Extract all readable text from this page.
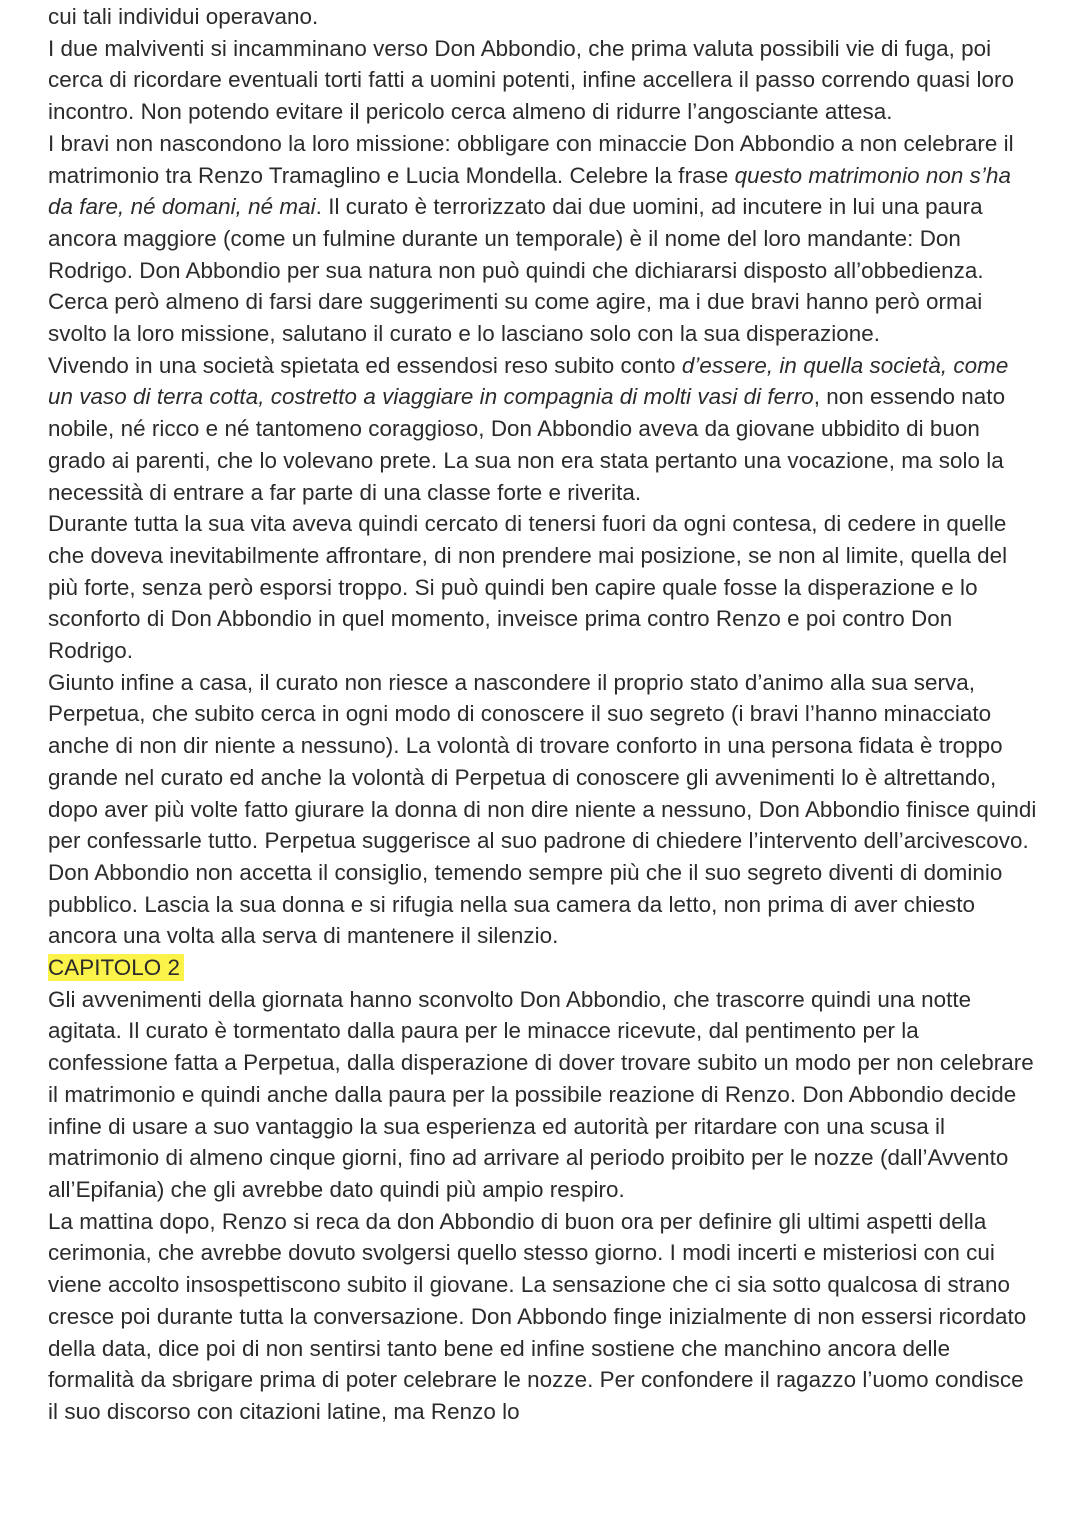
cui tali individui operavano.

I due malviventi si incamminano verso Don Abbondio, che prima valuta possibili vie di fuga, poi cerca di ricordare eventuali torti fatti a uomini potenti, infine accellera il passo correndo quasi loro incontro. Non potendo evitare il pericolo cerca almeno di ridurre l’angosciante attesa.

I bravi non nascondono la loro missione: obbligare con minaccie Don Abbondio a non celebrare il matrimonio tra Renzo Tramaglino e Lucia Mondella. Celebre la frase questo matrimonio non s’ha da fare, né domani, né mai. Il curato è terrorizzato dai due uomini, ad incutere in lui una paura ancora maggiore (come un fulmine durante un temporale) è il nome del loro mandante: Don Rodrigo. Don Abbondio per sua natura non può quindi che dichiararsi disposto all’obbedienza. Cerca però almeno di farsi dare suggerimenti su come agire, ma i due bravi hanno però ormai svolto la loro missione, salutano il curato e lo lasciano solo con la sua disperazione.

Vivendo in una società spietata ed essendosi reso subito conto d’essere, in quella società, come un vaso di terra cotta, costretto a viaggiare in compagnia di molti vasi di ferro, non essendo nato nobile, né ricco e né tantomeno coraggioso, Don Abbondio aveva da giovane ubbidito di buon grado ai parenti, che lo volevano prete. La sua non era stata pertanto una vocazione, ma solo la necessità di entrare a far parte di una classe forte e riverita.

Durante tutta la sua vita aveva quindi cercato di tenersi fuori da ogni contesa, di cedere in quelle che doveva inevitabilmente affrontare, di non prendere mai posizione, se non al limite, quella del più forte, senza però esporsi troppo. Si può quindi ben capire quale fosse la disperazione e lo sconforto di Don Abbondio in quel momento, inveisce prima contro Renzo e poi contro Don Rodrigo.

Giunto infine a casa, il curato non riesce a nascondere il proprio stato d’animo alla sua serva, Perpetua, che subito cerca in ogni modo di conoscere il suo segreto (i bravi l’hanno minacciato anche di non dir niente a nessuno). La volontà di trovare conforto in una persona fidata è troppo grande nel curato ed anche la volontà di Perpetua di conoscere gli avvenimenti lo è altrettando, dopo aver più volte fatto giurare la donna di non dire niente a nessuno, Don Abbondio finisce quindi per confessarle tutto. Perpetua suggerisce al suo padrone di chiedere l’intervento dell’arcivescovo. Don Abbondio non accetta il consiglio, temendo sempre più che il suo segreto diventi di dominio pubblico. Lascia la sua donna e si rifugia nella sua camera da letto, non prima di aver chiesto ancora una volta alla serva di mantenere il silenzio.

CAPITOLO 2

Gli avvenimenti della giornata hanno sconvolto Don Abbondio, che trascorre quindi una notte agitata. Il curato è tormentato dalla paura per le minacce ricevute, dal pentimento per la confessione fatta a Perpetua, dalla disperazione di dover trovare subito un modo per non celebrare il matrimonio e quindi anche dalla paura per la possibile reazione di Renzo. Don Abbondio decide infine di usare a suo vantaggio la sua esperienza ed autorità per ritardare con una scusa il matrimonio di almeno cinque giorni, fino ad arrivare al periodo proibito per le nozze (dall’Avvento all’Epifania) che gli avrebbe dato quindi più ampio respiro.

La mattina dopo, Renzo si reca da don Abbondio di buon ora per definire gli ultimi aspetti della cerimonia, che avrebbe dovuto svolgersi quello stesso giorno. I modi incerti e misteriosi con cui viene accolto insospettiscono subito il giovane. La sensazione che ci sia sotto qualcosa di strano cresce poi durante tutta la conversazione. Don Abbondo finge inizialmente di non essersi ricordato della data, dice poi di non sentirsi tanto bene ed infine sostiene che manchino ancora delle formalità da sbrigare prima di poter celebrare le nozze. Per confondere il ragazzo l’uomo condisce il suo discorso con citazioni latine, ma Renzo lo
